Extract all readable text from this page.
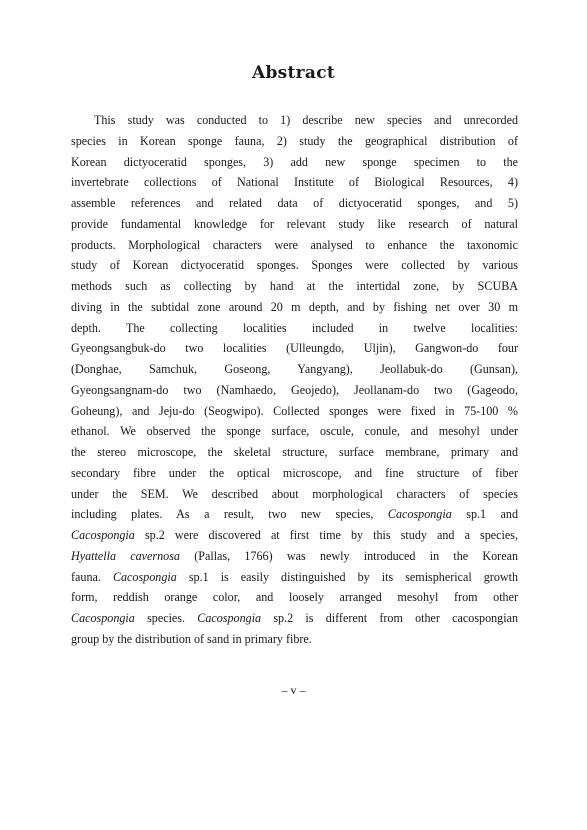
Abstract
This study was conducted to 1) describe new species and unrecorded
species in Korean sponge fauna, 2) study the geographical distribution of
Korean dictyoceratid sponges, 3) add new sponge specimen to the
invertebrate collections of National Institute of Biological Resources, 4)
assemble references and related data of dictyoceratid sponges, and 5)
provide fundamental knowledge for relevant study like research of natural
products. Morphological characters were analysed to enhance the taxonomic
study of Korean dictyoceratid sponges. Sponges were collected by various
methods such as collecting by hand at the intertidal zone, by SCUBA
diving in the subtidal zone around 20 m depth, and by fishing net over 30 m
depth.     The     collecting     localities     included     in     twelve     localities:
Gyeongsangbuk-do two localities (Ulleungdo, Uljin), Gangwon-do four
(Donghae, Samchuk, Goseong, Yangyang), Jeollabuk-do (Gunsan),
Gyeongsangnam-do two (Namhaedo, Geojedo), Jeollanam-do two (Gageodo,
Goheung), and Jeju-do (Seogwipo). Collected sponges were fixed in 75-100 %
ethanol. We observed the sponge surface, oscule, conule, and mesohyl under
the stereo microscope, the skeletal structure, surface membrane, primary and
secondary fibre under the optical microscope, and fine structure of fiber
under the SEM. We described about morphological characters of species
including plates. As a result, two new species, Cacospongia sp.1 and
Cacospongia sp.2 were discovered at first time by this study and a species,
Hyattella cavernosa (Pallas, 1766) was newly introduced in the Korean
fauna. Cacospongia sp.1 is easily distinguished by its semispherical growth
form, reddish orange color, and loosely arranged mesohyl from other
Cacospongia species. Cacospongia sp.2 is different from other cacospongian
group by the distribution of sand in primary fibre.
– v –
